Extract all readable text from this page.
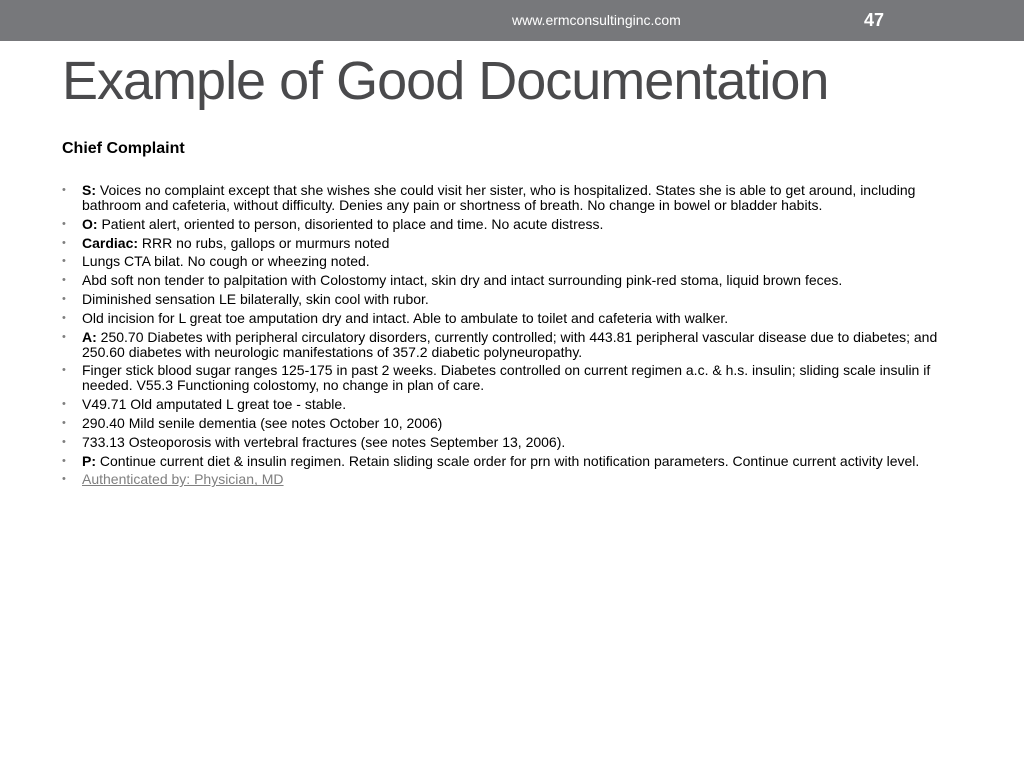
www.ermconsultinginc.com	47
Example of Good Documentation
Chief Complaint
• S: Voices no complaint except that she wishes she could visit her sister, who is hospitalized. States she is able to get around, including bathroom and cafeteria, without difficulty. Denies any pain or shortness of breath. No change in bowel or bladder habits.
• O: Patient alert, oriented to person, disoriented to place and time. No acute distress.
• Cardiac: RRR no rubs, gallops or murmurs noted
• Lungs CTA bilat. No cough or wheezing noted.
• Abd soft non tender to palpitation with Colostomy intact, skin dry and intact surrounding pink-red stoma, liquid brown feces.
• Diminished sensation LE bilaterally, skin cool with rubor.
• Old incision for L great toe amputation dry and intact. Able to ambulate to toilet and cafeteria with walker.
• A: 250.70 Diabetes with peripheral circulatory disorders, currently controlled; with 443.81 peripheral vascular disease due to diabetes; and 250.60 diabetes with neurologic manifestations of 357.2 diabetic polyneuropathy.
• Finger stick blood sugar ranges 125-175 in past 2 weeks. Diabetes controlled on current regimen a.c. & h.s. insulin; sliding scale insulin if needed. V55.3 Functioning colostomy, no change in plan of care.
• V49.71 Old amputated L great toe - stable.
• 290.40 Mild senile dementia (see notes October 10, 2006)
• 733.13 Osteoporosis with vertebral fractures (see notes September 13, 2006).
• P: Continue current diet & insulin regimen. Retain sliding scale order for prn with notification parameters. Continue current activity level.
• Authenticated by: Physician, MD
